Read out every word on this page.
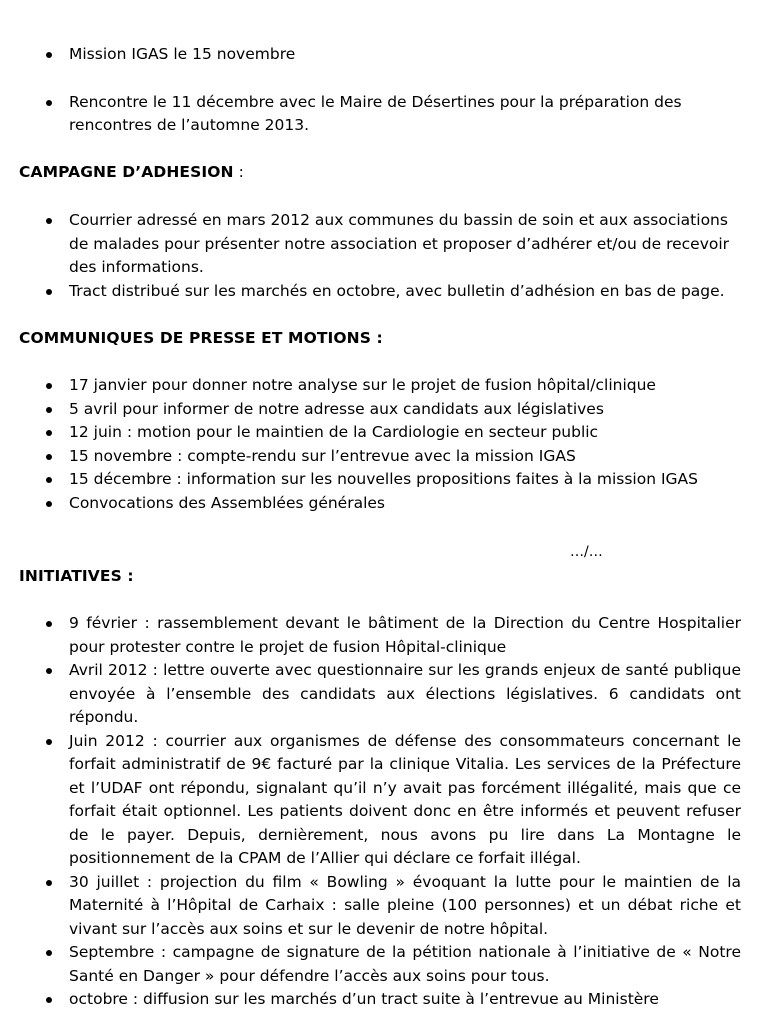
Mission IGAS le 15 novembre
Rencontre le 11 décembre avec le Maire de Désertines pour la préparation des rencontres de l’automne 2013.
CAMPAGNE D’ADHESION :
Courrier adressé en mars 2012 aux communes du bassin de soin et aux associations de malades pour présenter notre association et proposer d’adhérer et/ou de recevoir des informations.
Tract distribué sur les marchés en octobre, avec bulletin d’adhésion en bas de page.
COMMUNIQUES DE PRESSE ET MOTIONS :
17 janvier pour donner notre analyse sur le projet de fusion hôpital/clinique
5 avril pour informer de notre adresse aux candidats aux législatives
12 juin : motion pour le maintien de la Cardiologie en secteur public
15 novembre : compte-rendu sur l’entrevue avec la mission IGAS
15 décembre : information sur les nouvelles propositions faites à la mission IGAS
Convocations des Assemblées générales
…/…
INITIATIVES :
9 février : rassemblement devant le bâtiment de la Direction du Centre Hospitalier pour protester contre le projet de fusion Hôpital-clinique
Avril 2012 : lettre ouverte avec questionnaire sur les grands enjeux de santé publique envoyée à l’ensemble des candidats aux élections législatives. 6 candidats ont répondu.
Juin 2012 : courrier aux organismes de défense des consommateurs concernant le forfait administratif de 9€ facturé par la clinique Vitalia. Les services de la Préfecture et l’UDAF ont répondu, signalant qu’il n’y avait pas forcément illégalité, mais que ce forfait était optionnel. Les patients doivent donc en être informés et peuvent refuser de le payer. Depuis, dernièrement, nous avons pu lire dans La Montagne le positionnement de la CPAM de l’Allier qui déclare ce forfait illégal.
30 juillet : projection du film « Bowling » évoquant la lutte pour le maintien de la Maternité à l’Hôpital de Carhaix : salle pleine (100 personnes) et un débat riche et vivant sur l’accès aux soins et sur le devenir de notre hôpital.
Septembre : campagne de signature de la pétition nationale à l’initiative de « Notre Santé en Danger » pour défendre l’accès aux soins pour tous.
octobre : diffusion sur les marchés d’un tract suite à l’entrevue au Ministère
